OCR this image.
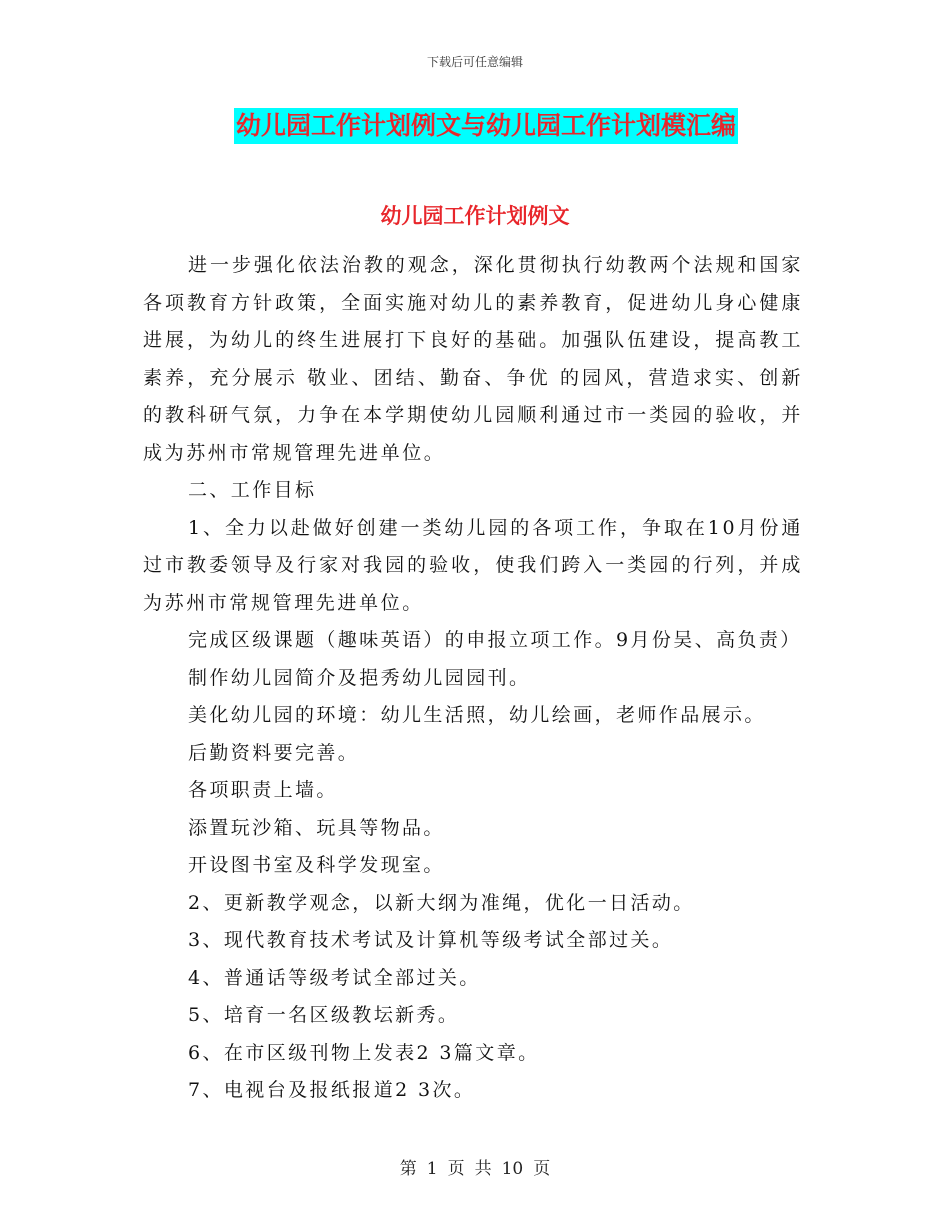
下载后可任意编辑
幼儿园工作计划例文与幼儿园工作计划模汇编
幼儿园工作计划例文

进一步强化依法治教的观念，深化贯彻执行幼教两个法规和国家各项教育方针政策，全面实施对幼儿的素养教育，促进幼儿身心健康进展，为幼儿的终生进展打下良好的基础。加强队伍建设，提高教工素养，充分展示 敬业、团结、勤奋、争优 的园风，营造求实、创新的教科研气氛，力争在本学期使幼儿园顺利通过市一类园的验收，并成为苏州市常规管理先进单位。

二、工作目标

1、全力以赴做好创建一类幼儿园的各项工作，争取在10月份通过市教委领导及行家对我园的验收，使我们跨入一类园的行列，并成为苏州市常规管理先进单位。

完成区级课题（趣味英语）的申报立项工作。9月份吴、高负责）

制作幼儿园简介及挹秀幼儿园园刊。

美化幼儿园的环境：幼儿生活照，幼儿绘画，老师作品展示。

后勤资料要完善。

各项职责上墙。

添置玩沙箱、玩具等物品。

开设图书室及科学发现室。

2、更新教学观念，以新大纲为准绳，优化一日活动。

3、现代教育技术考试及计算机等级考试全部过关。

4、普通话等级考试全部过关。

5、培育一名区级教坛新秀。

6、在市区级刊物上发表2 3篇文章。

7、电视台及报纸报道2 3次。

第 1 页 共 10 页
